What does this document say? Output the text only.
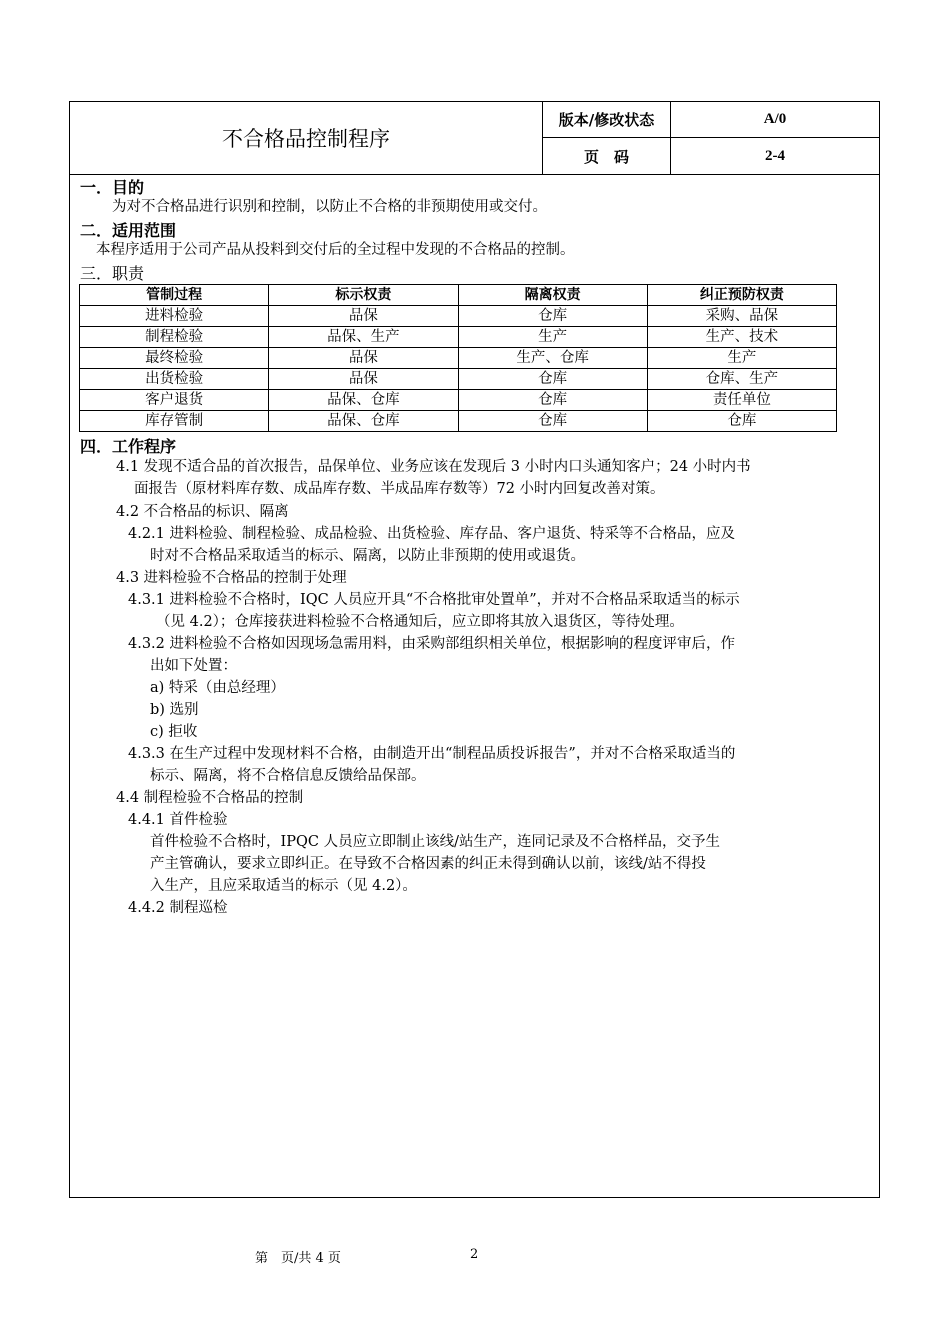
不合格品控制程序
版本/修改状态	A/0
页　码	2-4
一．目的
为对不合格品进行识别和控制，以防止不合格的非预期使用或交付。
二．适用范围
本程序适用于公司产品从投料到交付后的全过程中发现的不合格品的控制。
三．职责
管制过程	标示权责	隔离权责	纠正预防权责
进料检验	品保	仓库	采购、品保
制程检验	品保、生产	生产	生产、技术
最终检验	品保	生产、仓库	生产
出货检验	品保	仓库	仓库、生产
客户退货	品保、仓库	仓库	责任单位
库存管制	品保、仓库	仓库	仓库
四．工作程序
4.1 发现不适合品的首次报告，品保单位、业务应该在发现后 3 小时内口头通知客户；24 小时内书
面报告（原材料库存数、成品库存数、半成品库存数等）72 小时内回复改善对策。
4.2 不合格品的标识、隔离
4.2.1 进料检验、制程检验、成品检验、出货检验、库存品、客户退货、特采等不合格品，应及
时对不合格品采取适当的标示、隔离，以防止非预期的使用或退货。
4.3 进料检验不合格品的控制于处理
4.3.1 进料检验不合格时，IQC 人员应开具“不合格批审处置单”，并对不合格品采取适当的标示
（见 4.2）；仓库接获进料检验不合格通知后，应立即将其放入退货区，等待处理。
4.3.2 进料检验不合格如因现场急需用料，由采购部组织相关单位，根据影响的程度评审后，作
出如下处置：
a) 特采（由总经理）
b) 选别
c) 拒收
4.3.3 在生产过程中发现材料不合格，由制造开出“制程品质投诉报告”，并对不合格采取适当的
标示、隔离，将不合格信息反馈给品保部。
4.4 制程检验不合格品的控制
4.4.1 首件检验
首件检验不合格时，IPQC 人员应立即制止该线/站生产，连同记录及不合格样品，交予生
产主管确认，要求立即纠正。在导致不合格因素的纠正未得到确认以前，该线/站不得投
入生产，且应采取适当的标示（见 4.2）。
4.4.2 制程巡检
第　页/共 4 页	2
